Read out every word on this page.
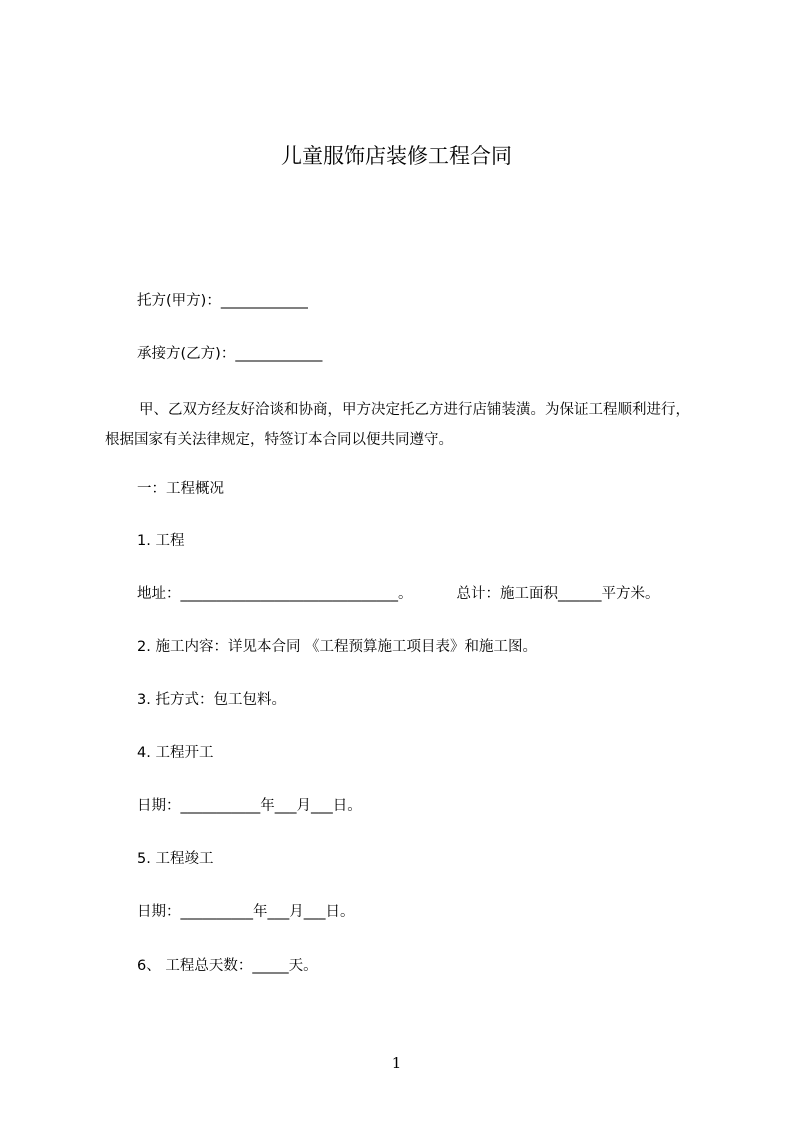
儿童服饰店装修工程合同
托方(甲方)：____________
承接方(乙方)：____________
甲、乙双方经友好洽谈和协商，甲方决定托乙方进行店铺装潢。为保证工程顺利进行，根据国家有关法律规定，特签订本合同以便共同遵守。
一：工程概况
1. 工程
地址：______________________________。	总计：施工面积______平方米。
2. 施工内容：详见本合同 《工程预算施工项目表》和施工图。
3. 托方式：包工包料。
4. 工程开工
日期：___________年___月___日。
5. 工程竣工
日期：__________年___月___日。
6、 工程总天数：_____天。
1
